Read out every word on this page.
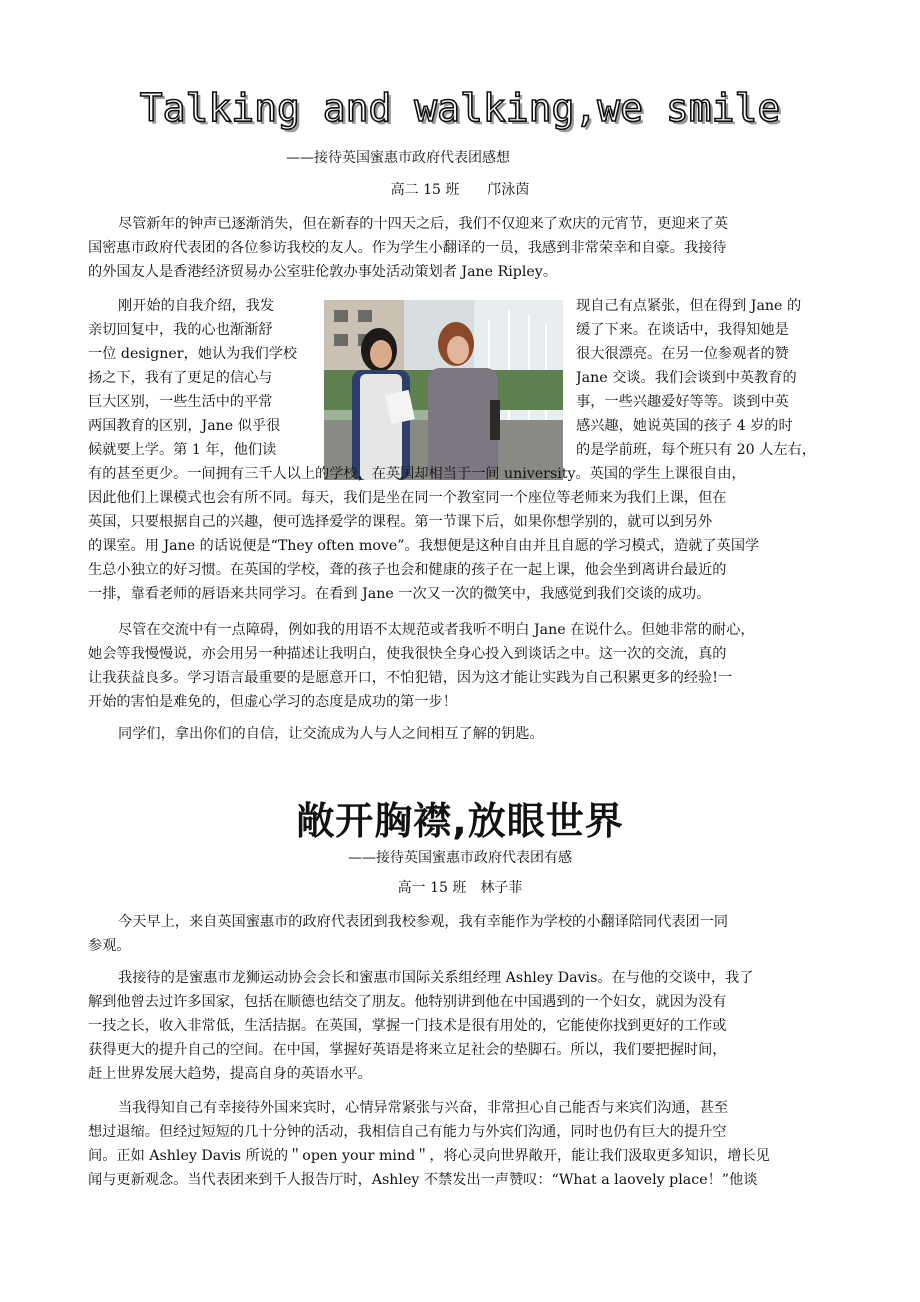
Talking and walking,we smile
——接待英国蜜惠市政府代表团感想
高二 15 班　　邝泳茵
尽管新年的钟声已逐渐消失，但在新春的十四天之后，我们不仅迎来了欢庆的元宵节，更迎来了英
国密惠市政府代表团的各位参访我校的友人。作为学生小翻译的一员，我感到非常荣幸和自豪。我接待
的外国友人是香港经济贸易办公室驻伦敦办事处活动策划者 Jane Ripley。
刚开始的自我介绍，我发
亲切回复中，我的心也渐渐舒
一位 designer，她认为我们学校
扬之下，我有了更足的信心与
巨大区别，一些生活中的平常
两国教育的区别，Jane 似乎很
候就要上学。第 1 年，他们读
现自己有点紧张，但在得到 Jane 的
缓了下来。在谈话中，我得知她是
很大很漂亮。在另一位参观者的赞
Jane 交谈。我们会谈到中英教育的
事，一些兴趣爱好等等。谈到中英
感兴趣，她说英国的孩子 4 岁的时
的是学前班，每个班只有 20 人左右，
有的甚至更少。一间拥有三千人以上的学校，在英国却相当于一间 university。英国的学生上课很自由，
因此他们上课模式也会有所不同。每天，我们是坐在同一个教室同一个座位等老师来为我们上课，但在
英国，只要根据自己的兴趣，便可选择爱学的课程。第一节课下后，如果你想学别的，就可以到另外
的课室。用 Jane 的话说便是“They often move”。我想便是这种自由并且自愿的学习模式，造就了英国学
生总小独立的好习惯。在英国的学校，聋的孩子也会和健康的孩子在一起上课，他会坐到离讲台最近的
一排，靠看老师的唇语来共同学习。在看到 Jane 一次又一次的微笑中，我感觉到我们交谈的成功。
尽管在交流中有一点障碍，例如我的用语不太规范或者我听不明白 Jane 在说什么。但她非常的耐心，
她会等我慢慢说，亦会用另一种描述让我明白，使我很快全身心投入到谈话之中。这一次的交流，真的
让我获益良多。学习语言最重要的是愿意开口，不怕犯错，因为这才能让实践为自己积累更多的经验!一
开始的害怕是难免的，但虚心学习的态度是成功的第一步！
同学们，拿出你们的自信，让交流成为人与人之间相互了解的钥匙。
敞开胸襟,放眼世界
——接待英国蜜惠市政府代表团有感
高一 15 班　林子菲
今天早上，来自英国蜜惠市的政府代表团到我校参观，我有幸能作为学校的小翻译陪同代表团一同
参观。
我接待的是蜜惠市龙狮运动协会会长和蜜惠市国际关系组经理 Ashley Davis。在与他的交谈中，我了
解到他曾去过许多国家，包括在顺德也结交了朋友。他特别讲到他在中国遇到的一个妇女，就因为没有
一技之长，收入非常低，生活拮据。在英国，掌握一门技术是很有用处的，它能使你找到更好的工作或
获得更大的提升自己的空间。在中国，掌握好英语是将来立足社会的垫脚石。所以，我们要把握时间，
赶上世界发展大趋势，提高自身的英语水平。
当我得知自己有幸接待外国来宾时，心情异常紧张与兴奋，非常担心自己能否与来宾们沟通，甚至
想过退缩。但经过短短的几十分钟的活动，我相信自己有能力与外宾们沟通，同时也仍有巨大的提升空
间。正如 Ashley Davis 所说的＂open your mind＂，将心灵向世界敞开，能让我们汲取更多知识，增长见
闻与更新观念。当代表团来到千人报告厅时，Ashley 不禁发出一声赞叹：“What a laovely place！”他谈
